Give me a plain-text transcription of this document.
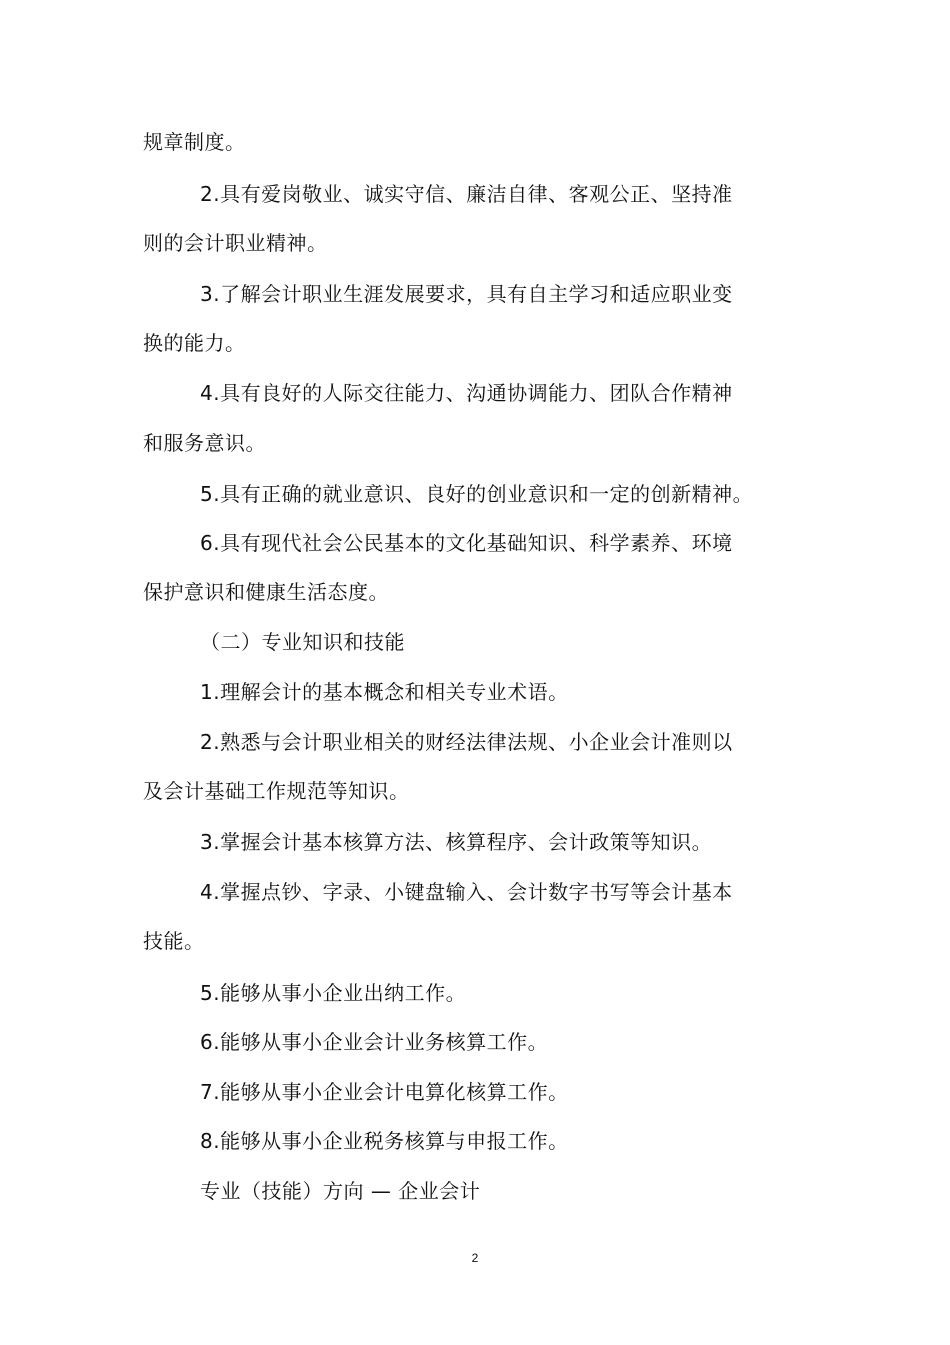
规章制度。
2.具有爱岗敬业、诚实守信、廉洁自律、客观公正、坚持准
则的会计职业精神。
3.了解会计职业生涯发展要求，具有自主学习和适应职业变
换的能力。
4.具有良好的人际交往能力、沟通协调能力、团队合作精神
和服务意识。
5.具有正确的就业意识、良好的创业意识和一定的创新精神。
6.具有现代社会公民基本的文化基础知识、科学素养、环境
保护意识和健康生活态度。
（二）专业知识和技能
1.理解会计的基本概念和相关专业术语。
2.熟悉与会计职业相关的财经法律法规、小企业会计准则以
及会计基础工作规范等知识。
3.掌握会计基本核算方法、核算程序、会计政策等知识。
4.掌握点钞、字录、小键盘输入、会计数字书写等会计基本
技能。
5.能够从事小企业出纳工作。
6.能够从事小企业会计业务核算工作。
7.能够从事小企业会计电算化核算工作。
8.能够从事小企业税务核算与申报工作。
专业（技能）方向 — 企业会计
2
